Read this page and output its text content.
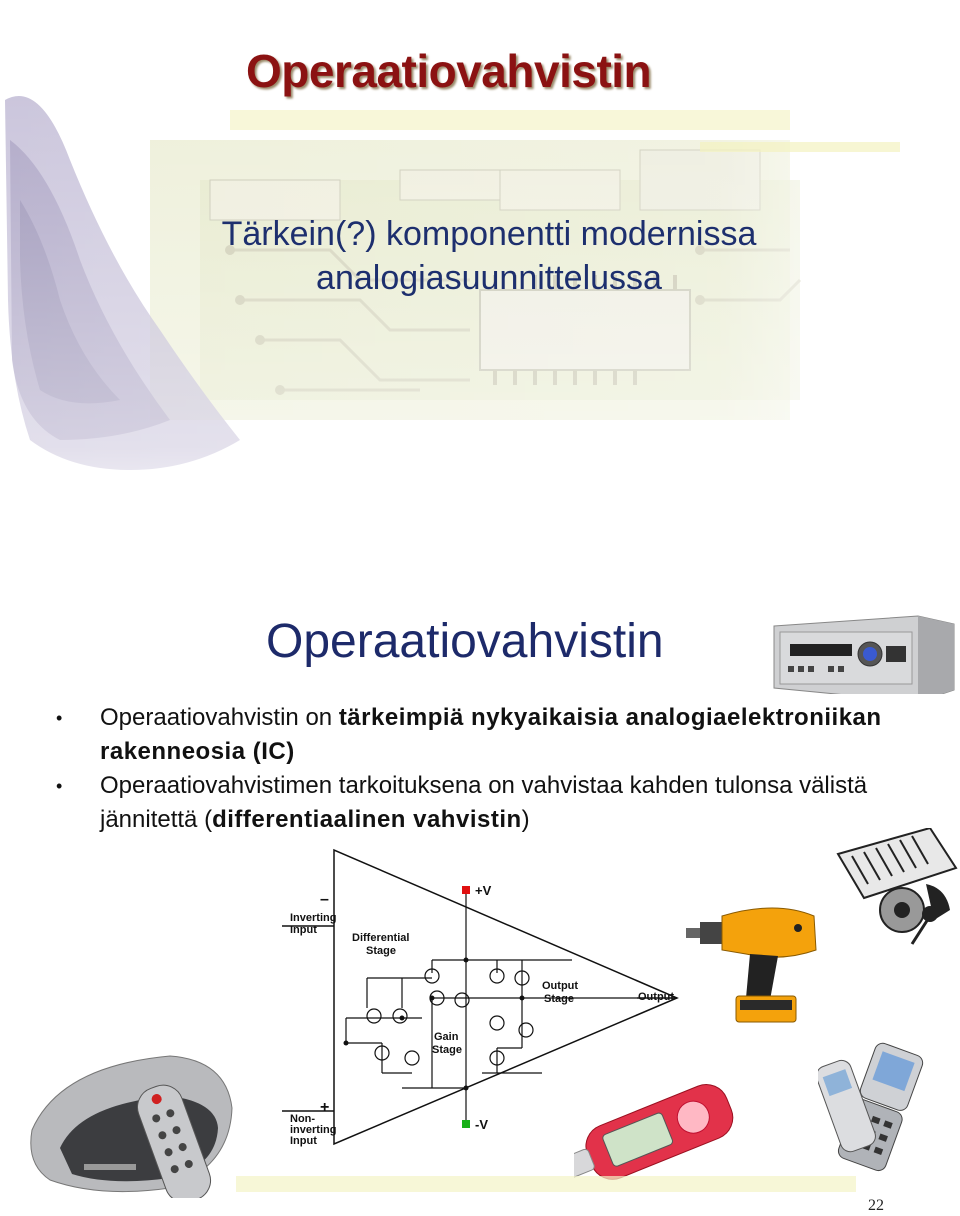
Operaatiovahvistin
Tärkein(?) komponentti modernissa
analogiasuunnittelussa
Operaatiovahvistin

• Operaatiovahvistin on tärkeimpiä nykyaikaisia analogiaelektroniikan rakenneosia (IC)

• Operaatiovahvistimen tarkoituksena on vahvistaa kahden tulonsa välistä jännitettä (differentiaalinen vahvistin)

–
Inverting
Input
+
Non-
inverting
Input
Differential
Stage
Gain
Stage
Output
Stage	Output
+V
-V
22
